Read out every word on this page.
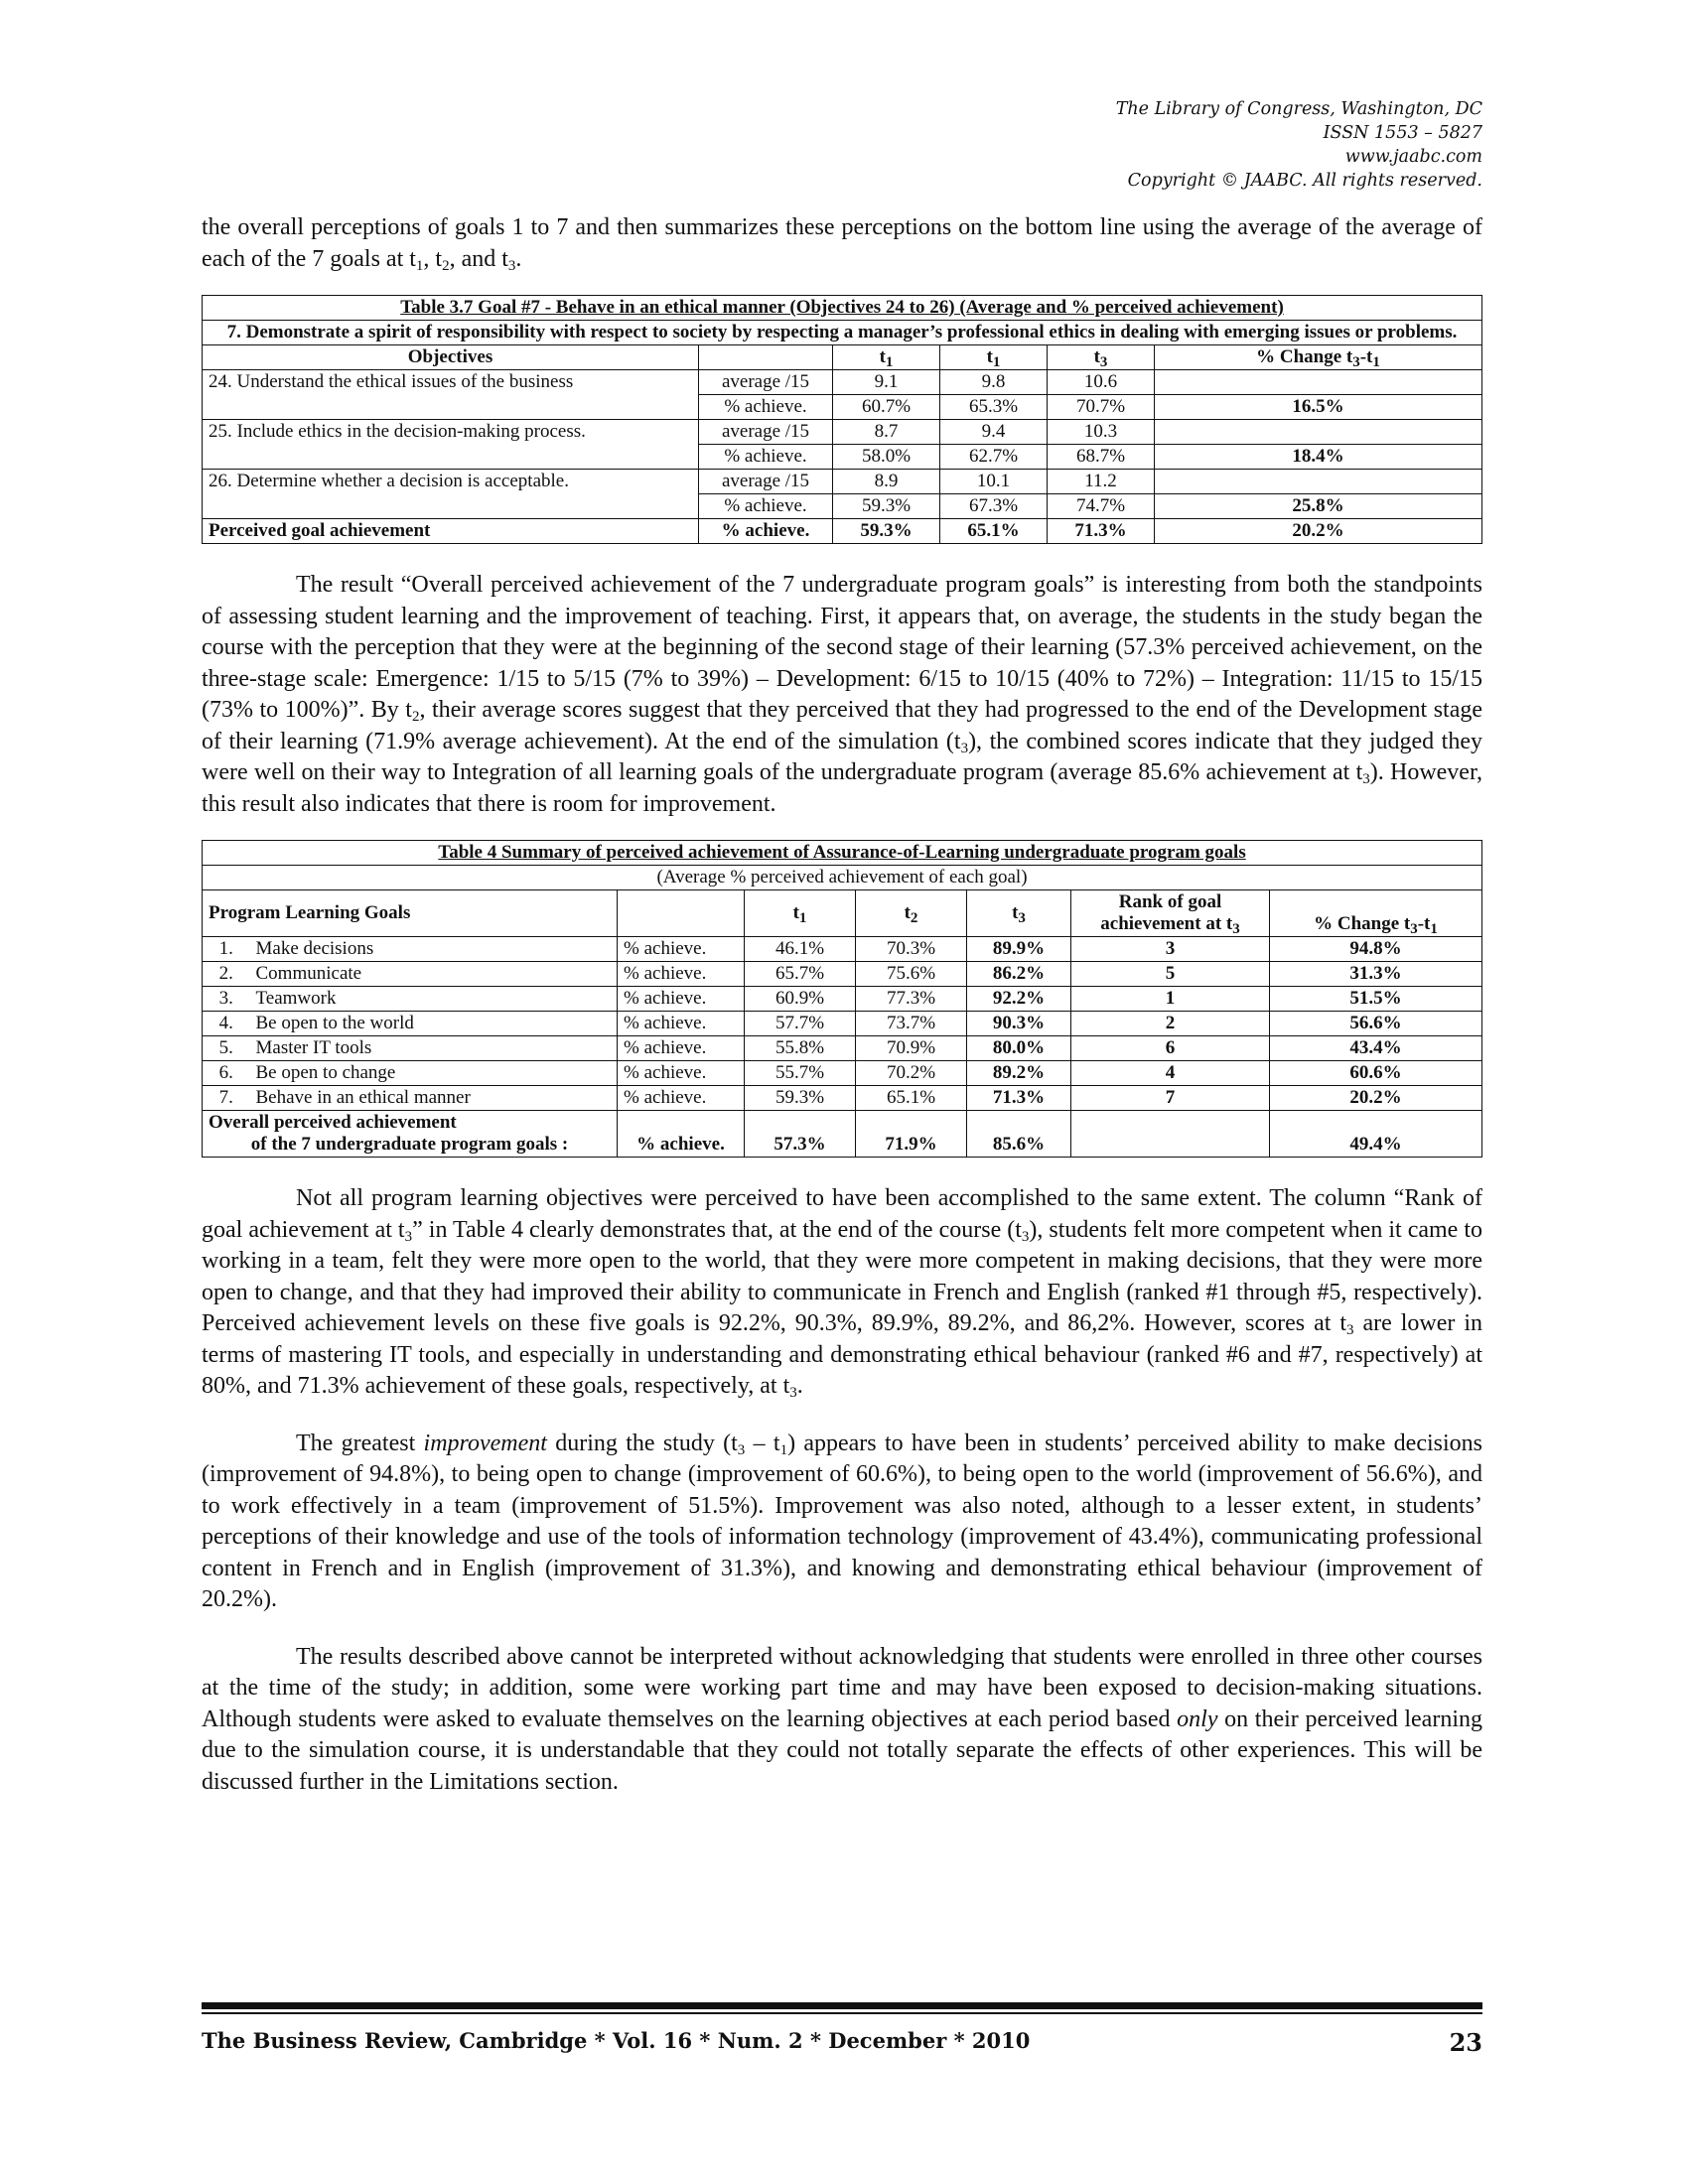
The Library of Congress, Washington, DC
ISSN 1553 – 5827
www.jaabc.com
Copyright © JAABC. All rights reserved.

the overall perceptions of goals 1 to 7 and then summarizes these perceptions on the bottom line using the average of the average of each of the 7 goals at $t_1$, $t_2$, and $t_3$.

Table 3.7 Goal #7 - Behave in an ethical manner (Objectives 24 to 26) (Average and % perceived achievement)					
7. Demonstrate a spirit of responsibility with respect to society by respecting a manager’s professional ethics in dealing with emerging issues or problems.					
Objectives		$t_1$	$t_1$	$t_3$	% Change $t_3-t_1$
24. Understand the ethical issues of the business	average /15	9.1	9.8	10.6	
	% achieve.	60.7%	65.3%	70.7%	16.5%
25. Include ethics in the decision-making process.	average /15	8.7	9.4	10.3	
	% achieve.	58.0%	62.7%	68.7%	18.4%
26. Determine whether a decision is acceptable.	average /15	8.9	10.1	11.2	
	% achieve.	59.3%	67.3%	74.7%	25.8%
Perceived goal achievement	% achieve.	59.3%	65.1%	71.3%	20.2%

The result “Overall perceived achievement of the 7 undergraduate program goals” is interesting from both the standpoints of assessing student learning and the improvement of teaching. First, it appears that, on average, the students in the study began the course with the perception that they were at the beginning of the second stage of their learning (57.3% perceived achievement, on the three-stage scale: Emergence: 1/15 to 5/15 (7% to 39%) – Development: 6/15 to 10/15 (40% to 72%) – Integration: 11/15 to 15/15 (73% to 100%)”. By $t_2$, their average scores suggest that they perceived that they had progressed to the end of the Development stage of their learning (71.9% average achievement). At the end of the simulation $(t_3)$, the combined scores indicate that they judged they were well on their way to Integration of all learning goals of the undergraduate program (average 85.6% achievement at $t_3$). However, this result also indicates that there is room for improvement.

Table 4 Summary of perceived achievement of Assurance-of-Learning undergraduate program goals							
(Average % perceived achievement of each goal)							
Program Learning Goals			$t_1$	$t_2$	$t_3$	Rank of goal achievement at $t_3$	% Change $t_3-t_1$
1.	Make decisions	% achieve.	46.1%	70.3%	89.9%	3	94.8%
2.	Communicate	% achieve.	65.7%	75.6%	86.2%	5	31.3%
3.	Teamwork	% achieve.	60.9%	77.3%	92.2%	1	51.5%
4.	Be open to the world	% achieve.	57.7%	73.7%	90.3%	2	56.6%
5.	Master IT tools	% achieve.	55.8%	70.9%	80.0%	6	43.4%
6.	Be open to change	% achieve.	55.7%	70.2%	89.2%	4	60.6%
7.	Behave in an ethical manner	% achieve.	59.3%	65.1%	71.3%	7	20.2%

Overall perceived achievement
of the 7 undergraduate program goals :		% achieve.	57.3%	71.9%	85.6%		49.4%

Not all program learning objectives were perceived to have been accomplished to the same extent. The column “Rank of goal achievement at $t_3$” in Table 4 clearly demonstrates that, at the end of the course $(t_3)$, students felt more competent when it came to working in a team, felt they were more open to the world, that they were more competent in making decisions, that they were more open to change, and that they had improved their ability to communicate in French and English (ranked #1 through #5, respectively). Perceived achievement levels on these five goals is 92.2%, 90.3%, 89.9%, 89.2%, and 86,2%. However, scores at $t_3$ are lower in terms of mastering IT tools, and especially in understanding and demonstrating ethical behaviour (ranked #6 and #7, respectively) at 80%, and 71.3% achievement of these goals, respectively, at $t_3$.

The greatest improvement during the study $(t_3 - t_1)$ appears to have been in students’ perceived ability to make decisions (improvement of 94.8%), to being open to change (improvement of 60.6%), to being open to the world (improvement of 56.6%), and to work effectively in a team (improvement of 51.5%). Improvement was also noted, although to a lesser extent, in students’ perceptions of their knowledge and use of the tools of information technology (improvement of 43.4%), communicating professional content in French and in English (improvement of 31.3%), and knowing and demonstrating ethical behaviour (improvement of 20.2%).

The results described above cannot be interpreted without acknowledging that students were enrolled in three other courses at the time of the study; in addition, some were working part time and may have been exposed to decision-making situations. Although students were asked to evaluate themselves on the learning objectives at each period based only on their perceived learning due to the simulation course, it is understandable that they could not totally separate the effects of other experiences. This will be discussed further in the Limitations section.

The Business Review, Cambridge * Vol. 16 * Num. 2 * December * 2010	23
